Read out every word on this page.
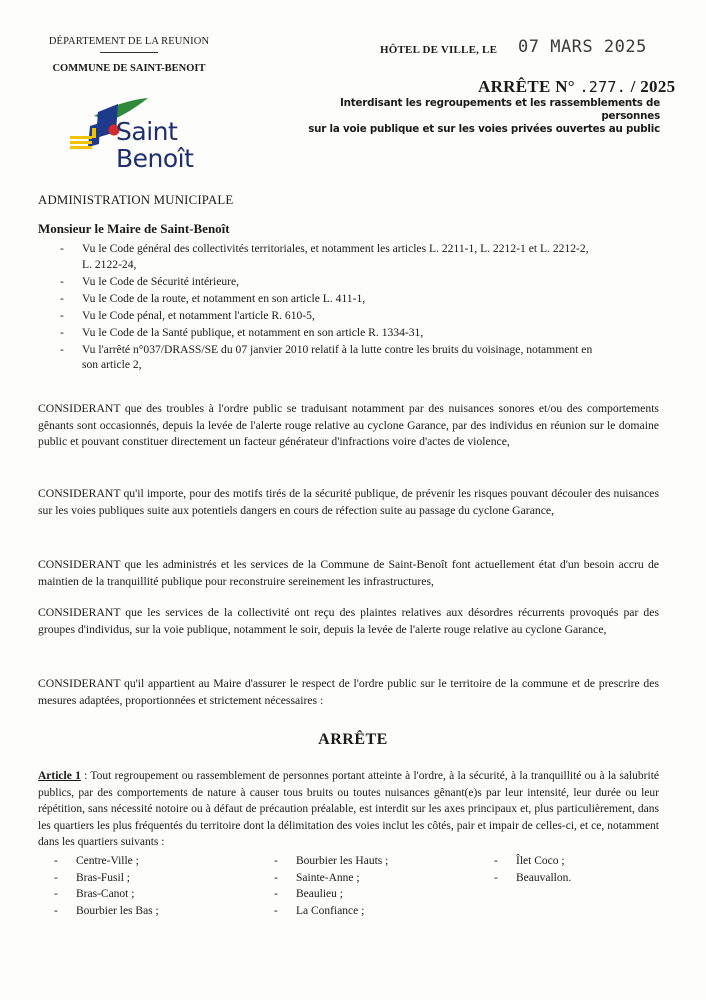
DÉPARTEMENT DE LA REUNION
COMMUNE DE SAINT-BENOIT
HÔTEL DE VILLE, LE 07 MARS 2025
ARRÊTE N° .277. / 2025
Interdisant les regroupements et les rassemblements de personnes
sur la voie publique et sur les voies privées ouvertes au public
Saint
Benoît
ADMINISTRATION MUNICIPALE
Monsieur le Maire de Saint-Benoît
- Vu le Code général des collectivités territoriales, et notamment les articles L. 2211-1, L. 2212-1 et L. 2212-2,
L. 2122-24,
- Vu le Code de Sécurité intérieure,
- Vu le Code de la route, et notamment en son article L. 411-1,
- Vu le Code pénal, et notamment l'article R. 610-5,
- Vu le Code de la Santé publique, et notamment en son article R. 1334-31,
- Vu l'arrêté n°037/DRASS/SE du 07 janvier 2010 relatif à la lutte contre les bruits du voisinage, notamment en
son article 2,

CONSIDERANT que des troubles à l'ordre public se traduisant notamment par des nuisances sonores et/ou des comportements gênants sont occasionnés, depuis la levée de l'alerte rouge relative au cyclone Garance, par des individus en réunion sur le domaine public et pouvant constituer directement un facteur générateur d'infractions voire d'actes de violence,

CONSIDERANT qu'il importe, pour des motifs tirés de la sécurité publique, de prévenir les risques pouvant découler des nuisances sur les voies publiques suite aux potentiels dangers en cours de réfection suite au passage du cyclone Garance,

CONSIDERANT que les administrés et les services de la Commune de Saint-Benoît font actuellement état d'un besoin accru de maintien de la tranquillité publique pour reconstruire sereinement les infrastructures,

CONSIDERANT que les services de la collectivité ont reçu des plaintes relatives aux désordres récurrents provoqués par des groupes d'individus, sur la voie publique, notamment le soir, depuis la levée de l'alerte rouge relative au cyclone Garance,

CONSIDERANT qu'il appartient au Maire d'assurer le respect de l'ordre public sur le territoire de la commune et de prescrire des mesures adaptées, proportionnées et strictement nécessaires :

ARRÊTE

Article 1 : Tout regroupement ou rassemblement de personnes portant atteinte à l'ordre, à la sécurité, à la tranquillité ou à la salubrité publics, par des comportements de nature à causer tous bruits ou toutes nuisances gênant(e)s par leur intensité, leur durée ou leur répétition, sans nécessité notoire ou à défaut de précaution préalable, est interdit sur les axes principaux et, plus particulièrement, dans les quartiers les plus fréquentés du territoire dont la délimitation des voies inclut les côtés, pair et impair de celles-ci, et ce, notamment dans les quartiers suivants :

- Centre-Ville ;
- Bras-Fusil ;
- Bras-Canot ;
- Bourbier les Bas ;
- Bourbier les Hauts ;
- Sainte-Anne ;
- Beaulieu ;
- La Confiance ;
- Îlet Coco ;
- Beauvallon.
